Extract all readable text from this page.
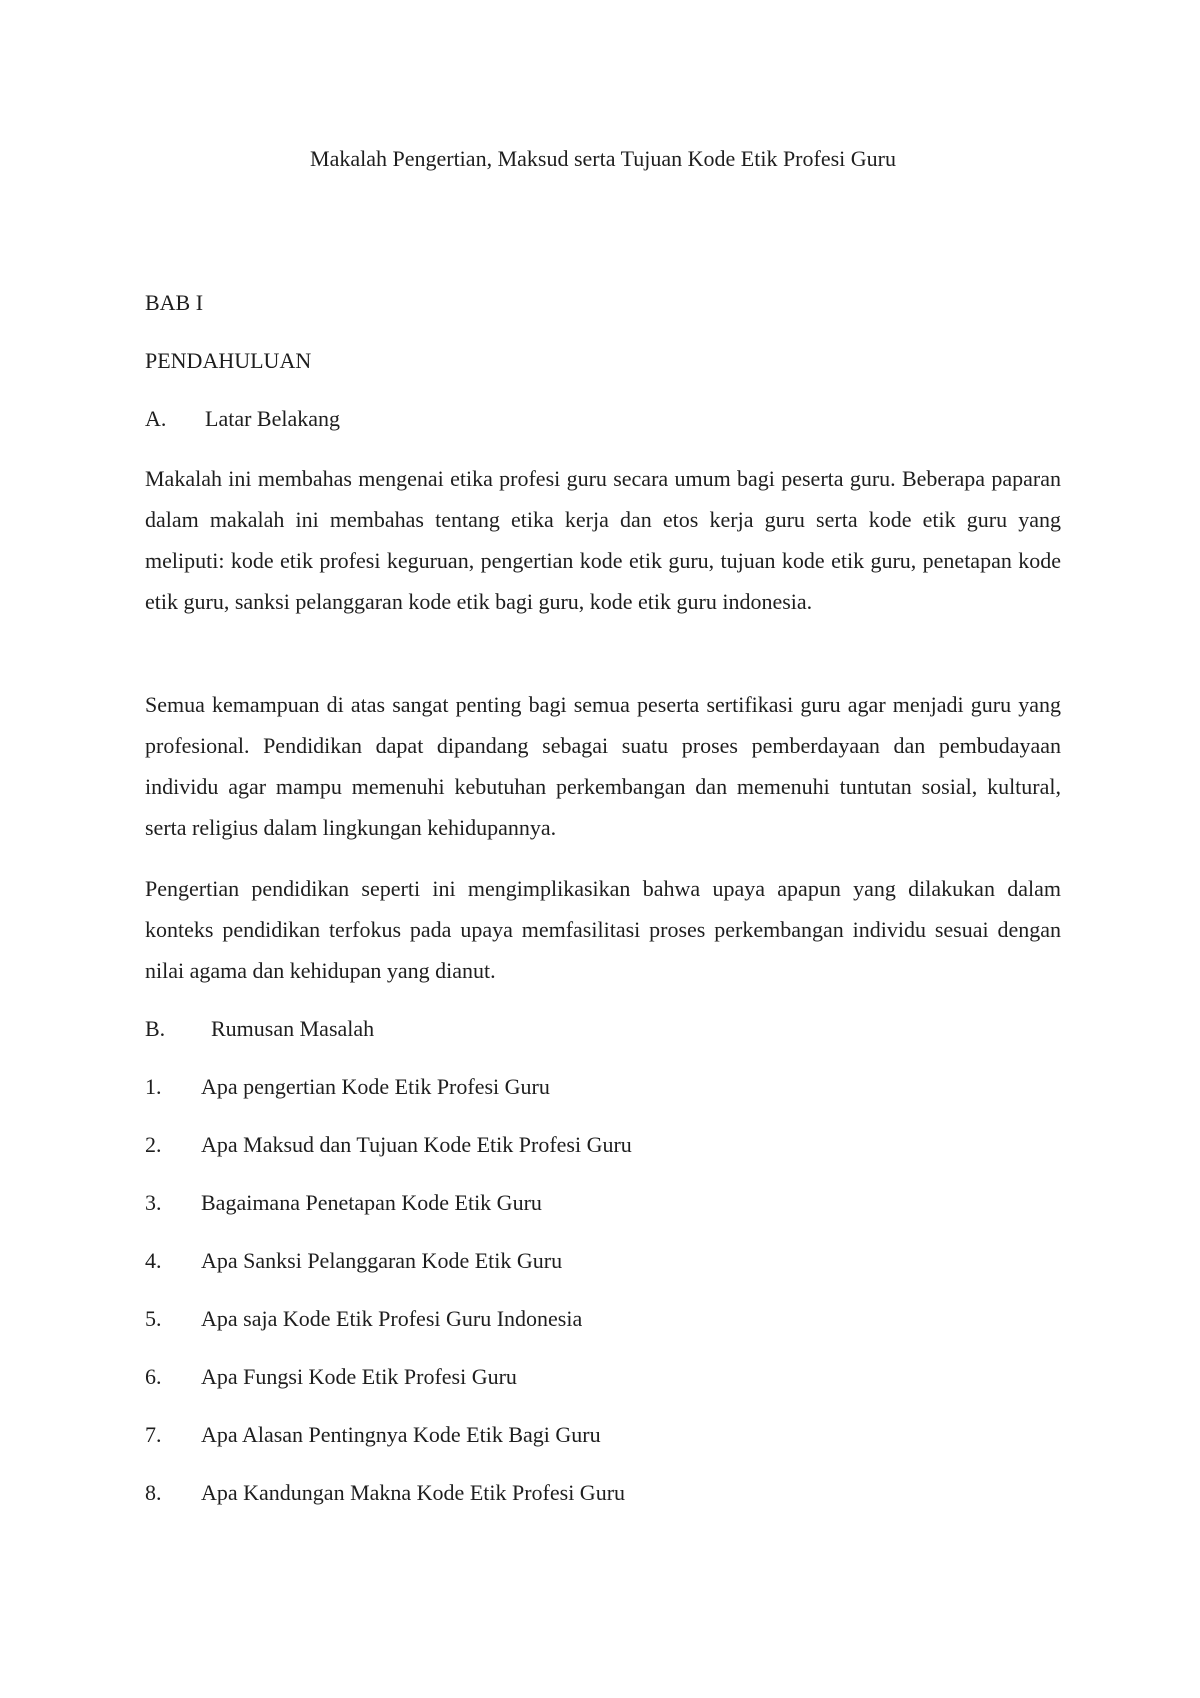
Makalah Pengertian, Maksud serta Tujuan Kode Etik Profesi Guru
BAB I
PENDAHULUAN
A. Latar Belakang
Makalah ini membahas mengenai etika profesi guru secara umum bagi peserta guru. Beberapa paparan dalam makalah ini membahas tentang etika kerja dan etos kerja guru serta kode etik guru yang meliputi: kode etik profesi keguruan, pengertian kode etik guru, tujuan kode etik guru, penetapan kode etik guru, sanksi pelanggaran kode etik bagi guru, kode etik guru indonesia.
Semua kemampuan di atas sangat penting bagi semua peserta sertifikasi guru agar menjadi guru yang profesional. Pendidikan dapat dipandang sebagai suatu proses pemberdayaan dan pembudayaan individu agar mampu memenuhi kebutuhan perkembangan dan memenuhi tuntutan sosial, kultural, serta religius dalam lingkungan kehidupannya.
Pengertian pendidikan seperti ini mengimplikasikan bahwa upaya apapun yang dilakukan dalam konteks pendidikan terfokus pada upaya memfasilitasi proses perkembangan individu sesuai dengan nilai agama dan kehidupan yang dianut.
B. Rumusan Masalah
1. Apa pengertian Kode Etik Profesi Guru
2. Apa Maksud dan Tujuan Kode Etik Profesi Guru
3. Bagaimana Penetapan Kode Etik Guru
4. Apa Sanksi Pelanggaran Kode Etik Guru
5. Apa saja Kode Etik Profesi Guru Indonesia
6. Apa Fungsi Kode Etik Profesi Guru
7. Apa Alasan Pentingnya Kode Etik Bagi Guru
8. Apa Kandungan Makna Kode Etik Profesi Guru
